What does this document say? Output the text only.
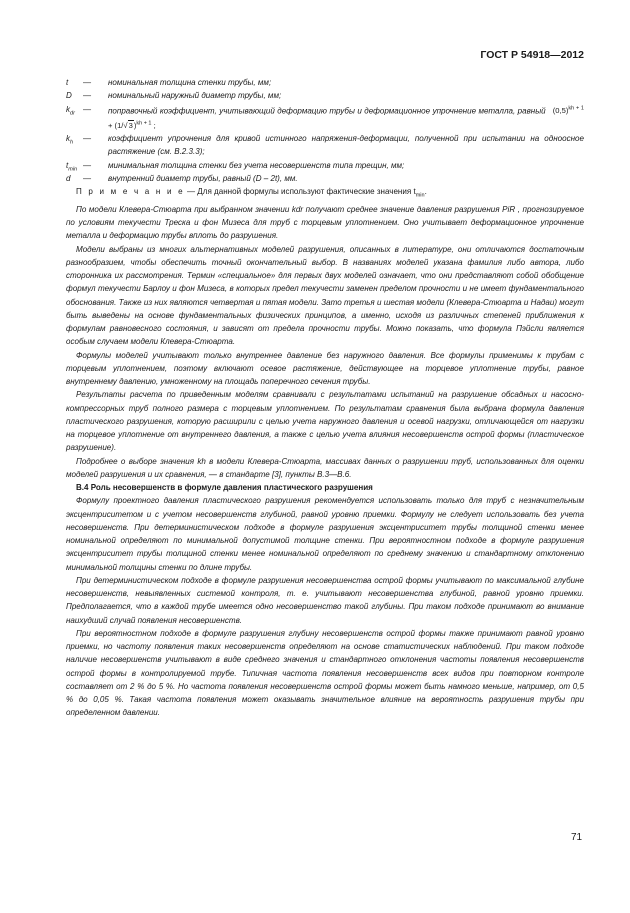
ГОСТ Р 54918—2012
t — номинальная толщина стенки трубы, мм;
D — номинальный наружный диаметр трубы, мм;
$k_{dr}$ — поправочный коэффициент, учитывающий деформацию трубы и деформационное упрочнение металла, равный $(0,5)^{kh + 1} + (1/√3)^{kh + 1}$ ;
$k_h$ — коэффициент упрочнения для кривой истинного напряжения-деформации, полученной при испытании на одноосное растяжение (см. В.2.3.3);
$t_{min}$ — минимальная толщина стенки без учета несовершенств типа трещин, мм;
d — внутренний диаметр трубы, равный (D – 2t), мм.
П р и м е ч а н и е — Для данной формулы используют фактические значения $t_{min}$.

По модели Клевера-Стюарта при выбранном значении kdr получают среднее значение давления разрушения PiR , прогнозируемое по условиям текучести Треска и фон Мизеса для труб с торцевым уплотнением. Оно учитывает деформационное упрочнение металла и деформацию трубы вплоть до разрушения.

Модели выбраны из многих альтернативных моделей разрушения, описанных в литературе, они отличаются достаточным разнообразием, чтобы обеспечить точный окончательный выбор. В названиях моделей указана фамилия либо автора, либо сторонника их рассмотрения. Термин «специальное» для первых двух моделей означает, что они представляют собой обобщение формул текучести Барлоу и фон Мизеса, в которых предел текучести заменен пределом прочности и не имеет фундаментального обоснования. Также из них являются четвертая и пятая модели. Зато третья и шестая модели (Клевера-Стюарта и Надаи) могут быть выведены на основе фундаментальных физических принципов, а именно, исходя из различных степеней приближения к формулам равновесного состояния, и зависят от предела прочности трубы. Можно показать, что формула Пэйсли является особым случаем модели Клевера-Стюарта.

Формулы моделей учитывают только внутреннее давление без наружного давления. Все формулы применимы к трубам с торцевым уплотнением, поэтому включают осевое растяжение, действующее на торцевое уплотнение трубы, равное внутреннему давлению, умноженному на площадь поперечного сечения трубы.

Результаты расчета по приведенным моделям сравнивали с результатами испытаний на разрушение обсадных и насосно-компрессорных труб полного размера с торцевым уплотнением. По результатам сравнения была выбрана формула давления пластического разрушения, которую расширили с целью учета наружного давления и осевой нагрузки, отличающейся от нагрузки на торцевое уплотнение от внутреннего давления, а также с целью учета влияния несовершенств острой формы (пластическое разрушение).

Подробнее о выборе значения kh в модели Клевера-Стюарта, массивах данных о разрушении труб, использованных для оценки моделей разрушения и их сравнения, — в стандарте [3], пункты В.3—В.6.

В.4 Роль несовершенств в формуле давления пластического разрушения

Формулу проектного давления пластического разрушения рекомендуется использовать только для труб с незначительным эксцентриситетом и с учетом несовершенств глубиной, равной уровню приемки. Формулу не следует использовать без учета несовершенств. При детерминистическом подходе в формуле разрушения эксцентриситет трубы толщиной стенки менее номинальной определяют по минимальной допустимой толщине стенки. При вероятностном подходе в формуле разрушения эксцентриситет трубы толщиной стенки менее номинальной определяют по среднему значению и стандартному отклонению минимальной толщины стенки по длине трубы.

При детерминистическом подходе в формуле разрушения несовершенства острой формы учитывают по максимальной глубине несовершенств, невыявленных системой контроля, т. е. учитывают несовершенства глубиной, равной уровню приемки. Предполагается, что в каждой трубе имеется одно несовершенство такой глубины. При таком подходе принимают во внимание наихудший случай появления несовершенств.

При вероятностном подходе в формуле разрушения глубину несовершенств острой формы также принимают равной уровню приемки, но частоту появления таких несовершенств определяют на основе статистических наблюдений. При таком подходе наличие несовершенств учитывают в виде среднего значения и стандартного отклонения частоты появления несовершенств острой формы в контролируемой трубе. Типичная частота появления несовершенств всех видов при повторном контроле составляет от 2 % до 5 %. Но частота появления несовершенств острой формы может быть намного меньше, например, от 0,5 % до 0,05 %. Такая частота появления может оказывать значительное влияние на вероятность разрушения трубы при определенном давлении.

71
